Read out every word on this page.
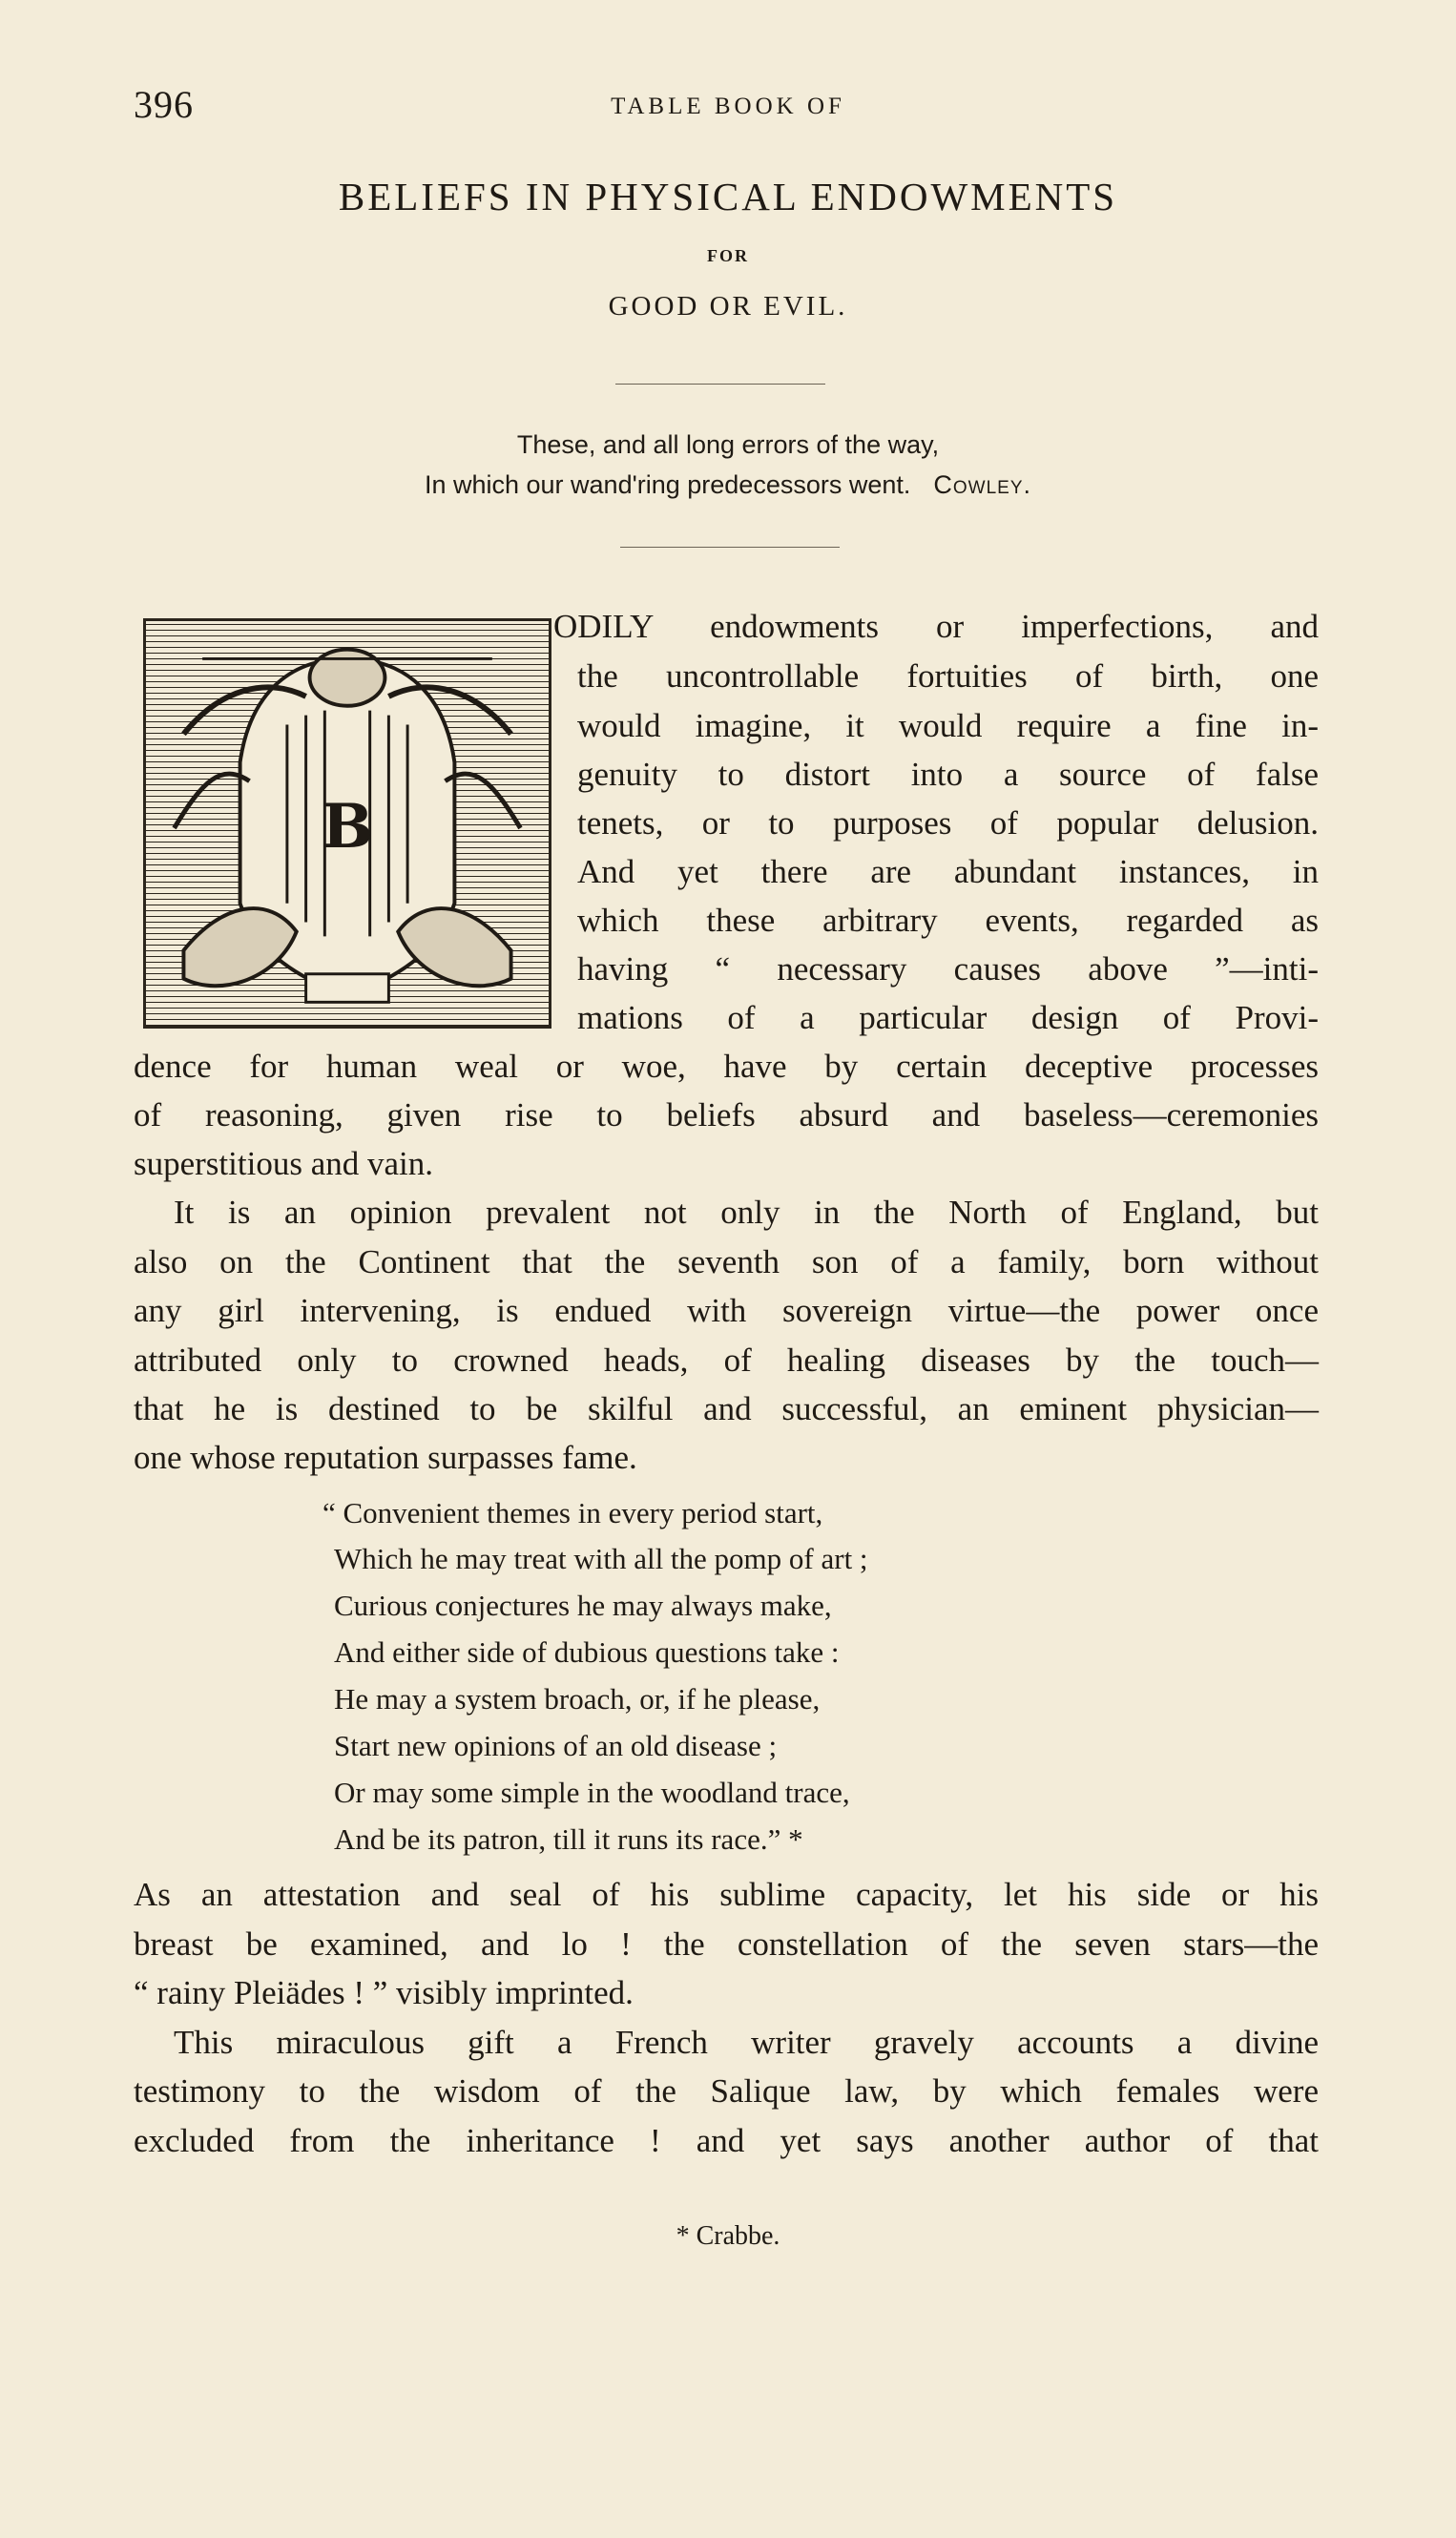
396	TABLE BOOK OF
BELIEFS IN PHYSICAL ENDOWMENTS
FOR
GOOD OR EVIL.
These, and all long errors of the way,
In which our wand'ring predecessors went. Cowley.
B
ODILY endowments or imperfections, and
the uncontrollable fortuities of birth, one
would imagine, it would require a fine in-
genuity to distort into a source of false
tenets, or to purposes of popular delusion.
And yet there are abundant instances, in
which these arbitrary events, regarded as
having “ necessary causes above ”—inti-
mations of a particular design of Provi-
dence for human weal or woe, have by certain deceptive processes
of reasoning, given rise to beliefs absurd and baseless—ceremonies
superstitious and vain.
It is an opinion prevalent not only in the North of England, but
also on the Continent that the seventh son of a family, born without
any girl intervening, is endued with sovereign virtue—the power once
attributed only to crowned heads, of healing diseases by the touch—
that he is destined to be skilful and successful, an eminent physician—
one whose reputation surpasses fame.
“ Convenient themes in every period start,
Which he may treat with all the pomp of art ;
Curious conjectures he may always make,
And either side of dubious questions take :
He may a system broach, or, if he please,
Start new opinions of an old disease ;
Or may some simple in the woodland trace,
And be its patron, till it runs its race.” *
As an attestation and seal of his sublime capacity, let his side or his
breast be examined, and lo ! the constellation of the seven stars—the
“ rainy Pleiädes ! ” visibly imprinted.
This miraculous gift a French writer gravely accounts a divine
testimony to the wisdom of the Salique law, by which females were
excluded from the inheritance ! and yet says another author of that
* Crabbe.
